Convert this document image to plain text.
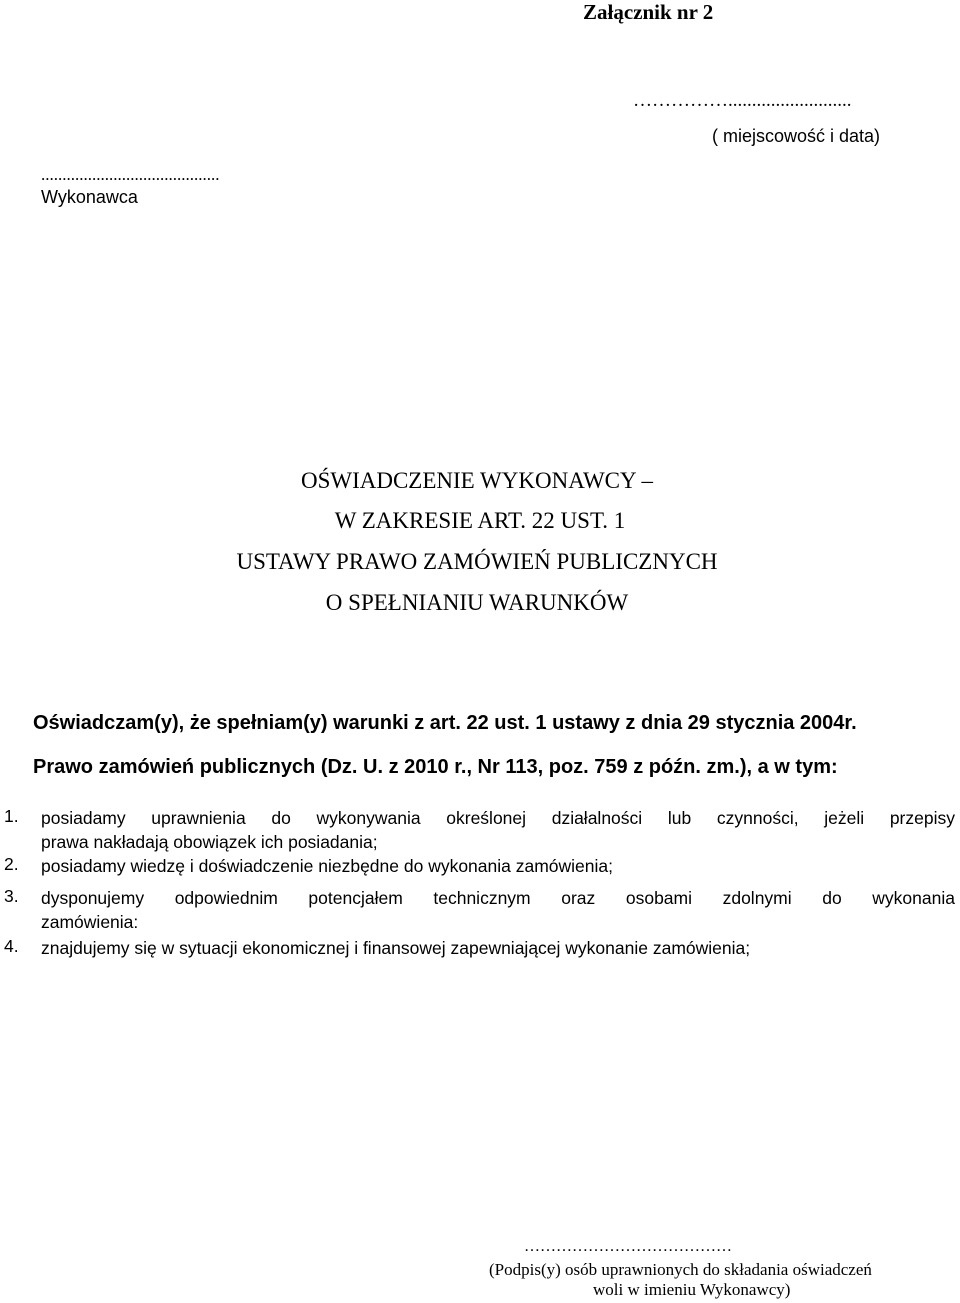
Załącznik nr 2
……………..........................
( miejscowość i data)
..........................................
Wykonawca
OŚWIADCZENIE WYKONAWCY –
W ZAKRESIE ART. 22 UST. 1
USTAWY PRAWO ZAMÓWIEŃ PUBLICZNYCH
O SPEŁNIANIU WARUNKÓW
Oświadczam(y), że spełniam(y) warunki z art. 22 ust. 1 ustawy z dnia 29 stycznia 2004r.
Prawo zamówień publicznych (Dz. U. z 2010 r., Nr 113, poz. 759 z późn. zm.), a w tym:
1. posiadamy uprawnienia do wykonywania określonej działalności lub czynności, jeżeli przepisy
prawa nakładają obowiązek ich posiadania;
2. posiadamy wiedzę i doświadczenie niezbędne do wykonania zamówienia;
3. dysponujemy odpowiednim potencjałem technicznym oraz osobami zdolnymi do wykonania
zamówienia:
4. znajdujemy się w sytuacji ekonomicznej i finansowej zapewniającej wykonanie zamówienia;
…………………………………
(Podpis(y) osób uprawnionych do składania oświadczeń
woli w imieniu Wykonawcy)
